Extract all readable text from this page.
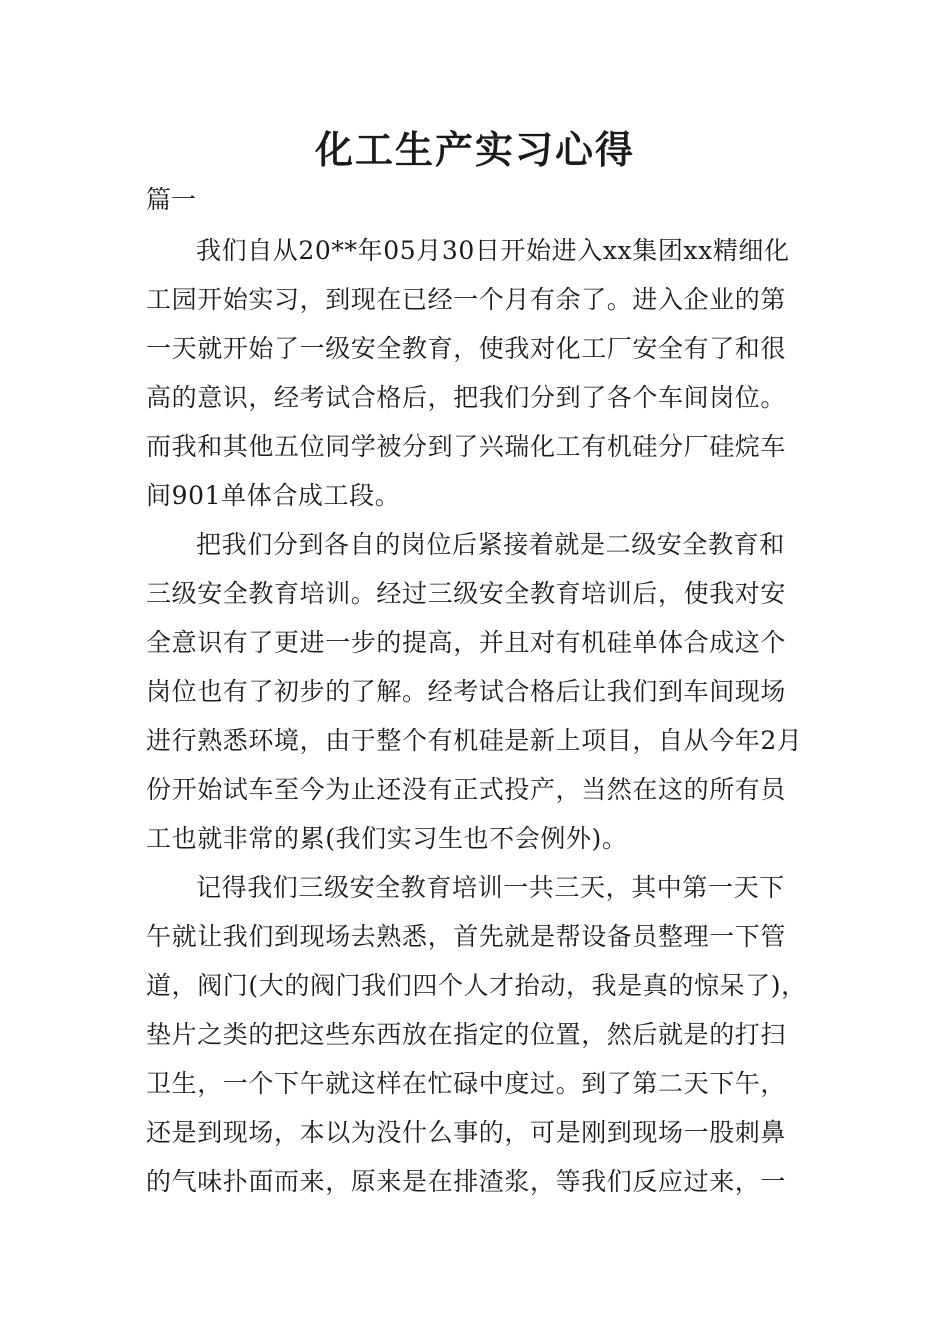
化工生产实习心得

篇一

我们自从20**年05月30日开始进入xx集团xx精细化
工园开始实习，到现在已经一个月有余了。进入企业的第
一天就开始了一级安全教育，使我对化工厂安全有了和很
高的意识，经考试合格后，把我们分到了各个车间岗位。
而我和其他五位同学被分到了兴瑞化工有机硅分厂硅烷车
间901单体合成工段。
把我们分到各自的岗位后紧接着就是二级安全教育和
三级安全教育培训。经过三级安全教育培训后，使我对安
全意识有了更进一步的提高，并且对有机硅单体合成这个
岗位也有了初步的了解。经考试合格后让我们到车间现场
进行熟悉环境，由于整个有机硅是新上项目，自从今年2月
份开始试车至今为止还没有正式投产，当然在这的所有员
工也就非常的累(我们实习生也不会例外)。
记得我们三级安全教育培训一共三天，其中第一天下
午就让我们到现场去熟悉，首先就是帮设备员整理一下管
道，阀门(大的阀门我们四个人才抬动，我是真的惊呆了)，
垫片之类的把这些东西放在指定的位置，然后就是的打扫
卫生，一个下午就这样在忙碌中度过。到了第二天下午，
还是到现场，本以为没什么事的，可是刚到现场一股刺鼻
的气味扑面而来，原来是在排渣浆，等我们反应过来，一
